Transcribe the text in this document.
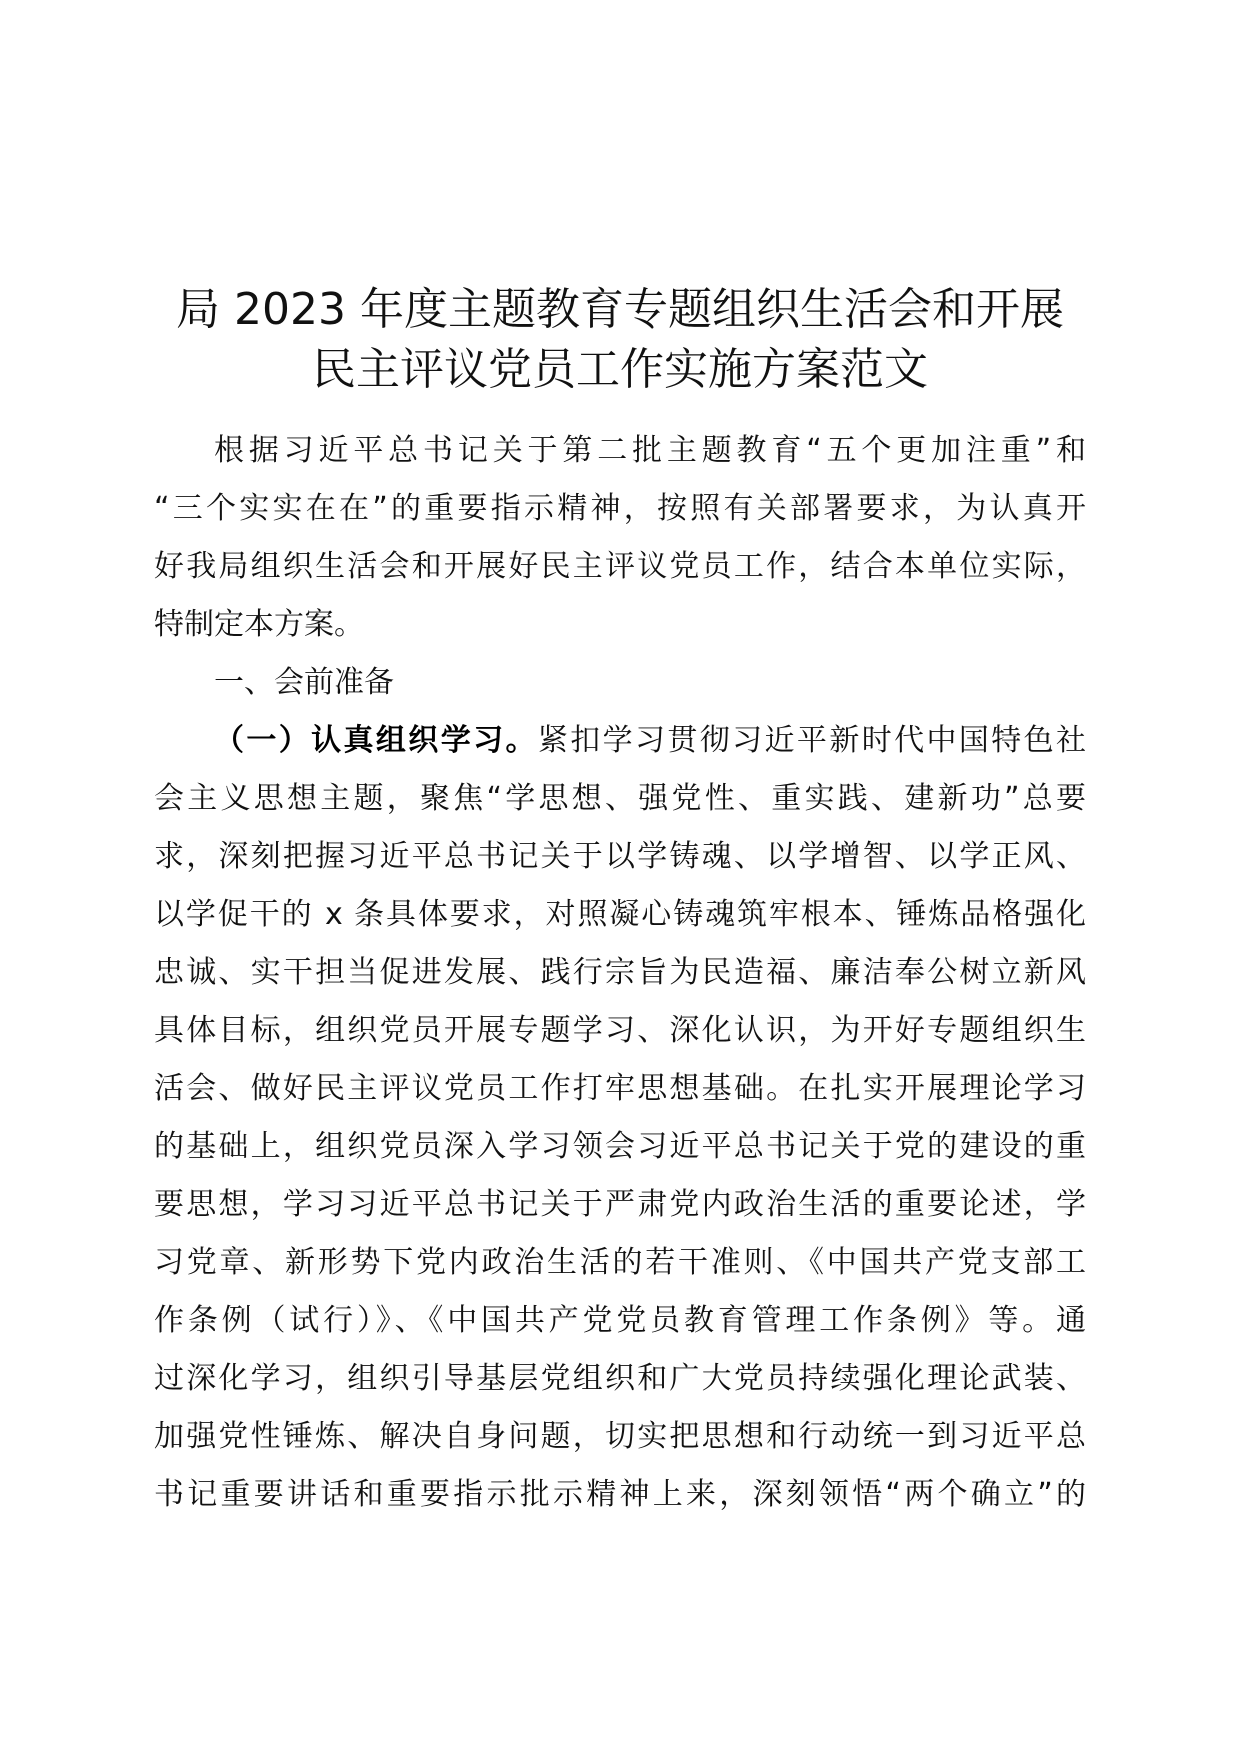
局 2023 年度主题教育专题组织生活会和开展
民主评议党员工作实施方案范文
根据习近平总书记关于第二批主题教育“五个更加注重”和
“三个实实在在”的重要指示精神，按照有关部署要求，为认真开
好我局组织生活会和开展好民主评议党员工作，结合本单位实际，
特制定本方案。
一、会前准备
（一）认真组织学习。紧扣学习贯彻习近平新时代中国特色社
会主义思想主题，聚焦“学思想、强党性、重实践、建新功”总要
求，深刻把握习近平总书记关于以学铸魂、以学增智、以学正风、
以学促干的 x 条具体要求，对照凝心铸魂筑牢根本、锤炼品格强化
忠诚、实干担当促进发展、践行宗旨为民造福、廉洁奉公树立新风
具体目标，组织党员开展专题学习、深化认识，为开好专题组织生
活会、做好民主评议党员工作打牢思想基础。在扎实开展理论学习
的基础上，组织党员深入学习领会习近平总书记关于党的建设的重
要思想，学习习近平总书记关于严肃党内政治生活的重要论述，学
习党章、新形势下党内政治生活的若干准则、《中国共产党支部工
作条例（试行）》、《中国共产党党员教育管理工作条例》等。通
过深化学习，组织引导基层党组织和广大党员持续强化理论武装、
加强党性锤炼、解决自身问题，切实把思想和行动统一到习近平总
书记重要讲话和重要指示批示精神上来，深刻领悟“两个确立”的
